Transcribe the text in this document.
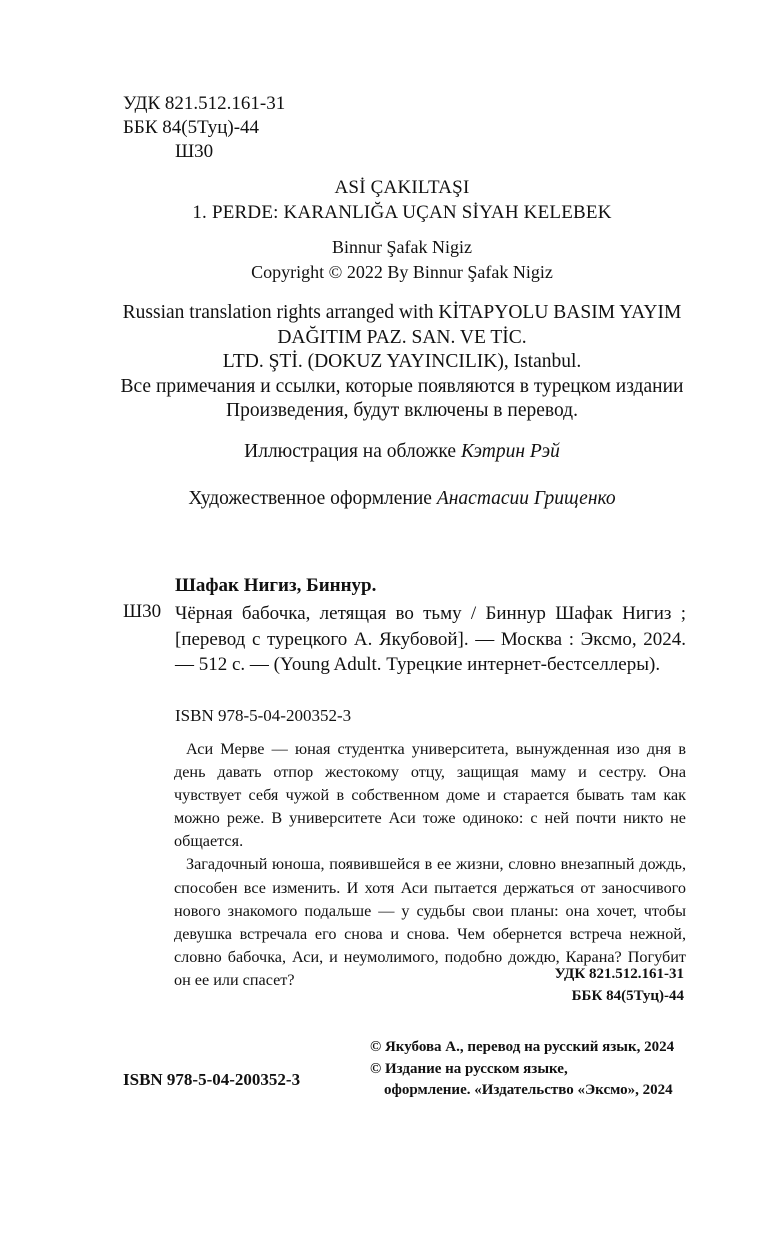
УДК 821.512.161-31
ББК 84(5Туц)-44
Ш30
ASİ ÇAKILTAŞI
1. PERDE: KARANLIĞA UÇAN SİYAH KELEBEK
Binnur Şafak Nigiz
Copyright © 2022 By Binnur Şafak Nigiz
Russian translation rights arranged with KİTAPYOLU BASIM YAYIM
DAĞITIM PAZ. SAN. VE TİC.
LTD. ŞTİ. (DOKUZ YAYINCILIK), Istanbul.
Все примечания и ссылки, которые появляются в турецком издании
Произведения, будут включены в перевод.
Иллюстрация на обложке Кэтрин Рэй
Художественное оформление Анастасии Грищенко
Шафак Нигиз, Биннур.
Ш30 Чёрная бабочка, летящая во тьму / Биннур Шафак Нигиз ; [перевод с турецкого А. Якубовой]. — Москва : Эксмо, 2024. — 512 с. — (Young Adult. Турецкие интернет-бестселлеры).
ISBN 978-5-04-200352-3

Аси Мерве — юная студентка университета, вынужденная изо дня в день давать отпор жестокому отцу, защищая маму и сестру. Она чувствует себя чужой в собственном доме и старается бывать там как можно реже. В университете Аси тоже одиноко: с ней почти никто не общается.

Загадочный юноша, появившейся в ее жизни, словно внезапный дождь, способен все изменить. И хотя Аси пытается держаться от заносчивого нового знакомого подальше — у судьбы свои планы: она хочет, чтобы девушка встречала его снова и снова. Чем обернется встреча нежной, словно бабочка, Аси, и неумолимого, подобно дождю, Карана? Погубит он ее или спасет?	УДК 821.512.161-31
ББК 84(5Туц)-44
© Якубова А., перевод на русский язык, 2024
© Издание на русском языке,
оформление. «Издательство «Эксмо», 2024
ISBN 978-5-04-200352-3
